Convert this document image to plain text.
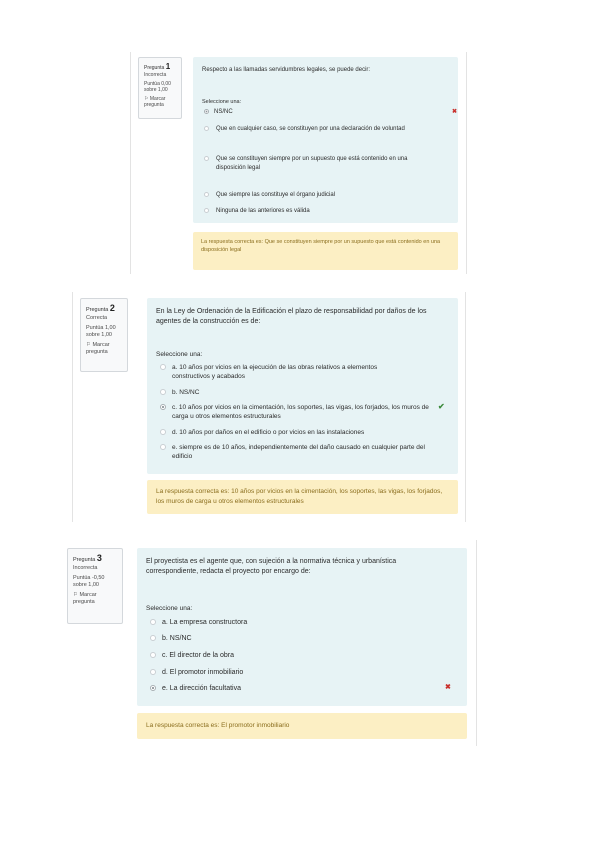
Pregunta 1
Incorrecta
Puntúa 0,00 sobre 1,00
⚐ Marcar pregunta
Respecto a las llamadas servidumbres legales, se puede decir:
Seleccione una:
NS/NC	✖
Que en cualquier caso, se constituyen por una declaración de voluntad
Que se constituyen siempre por un supuesto que está contenido en una disposición legal
Que siempre las constituye el órgano judicial
Ninguna de las anteriores es válida
La respuesta correcta es: Que se constituyen siempre por un supuesto que está contenido en una disposición legal
Pregunta 2
Correcta
Puntúa 1,00 sobre 1,00
⚐ Marcar pregunta
En la Ley de Ordenación de la Edificación el plazo de responsabilidad por daños de los agentes de la construcción es de:
Seleccione una:
a. 10 años por vicios en la ejecución de las obras relativos a elementos constructivos y acabados
b. NS/NC
c. 10 años por vicios en la cimentación, los soportes, las vigas, los forjados, los muros de carga u otros elementos estructurales
✔
d. 10 años por daños en el edificio o por vicios en las instalaciones
e. siempre es de 10 años, independientemente del daño causado en cualquier parte del edificio
La respuesta correcta es: 10 años por vicios en la cimentación, los soportes, las vigas, los forjados, los muros de carga u otros elementos estructurales
Pregunta 3
Incorrecta
Puntúa -0,50 sobre 1,00
⚐ Marcar pregunta
El proyectista es el agente que, con sujeción a la normativa técnica y urbanística correspondiente, redacta el proyecto por encargo de:
Seleccione una:
a. La empresa constructora
b. NS/NC
c. El director de la obra
d. El promotor inmobiliario
e. La dirección facultativa	✖
La respuesta correcta es: El promotor inmobiliario
